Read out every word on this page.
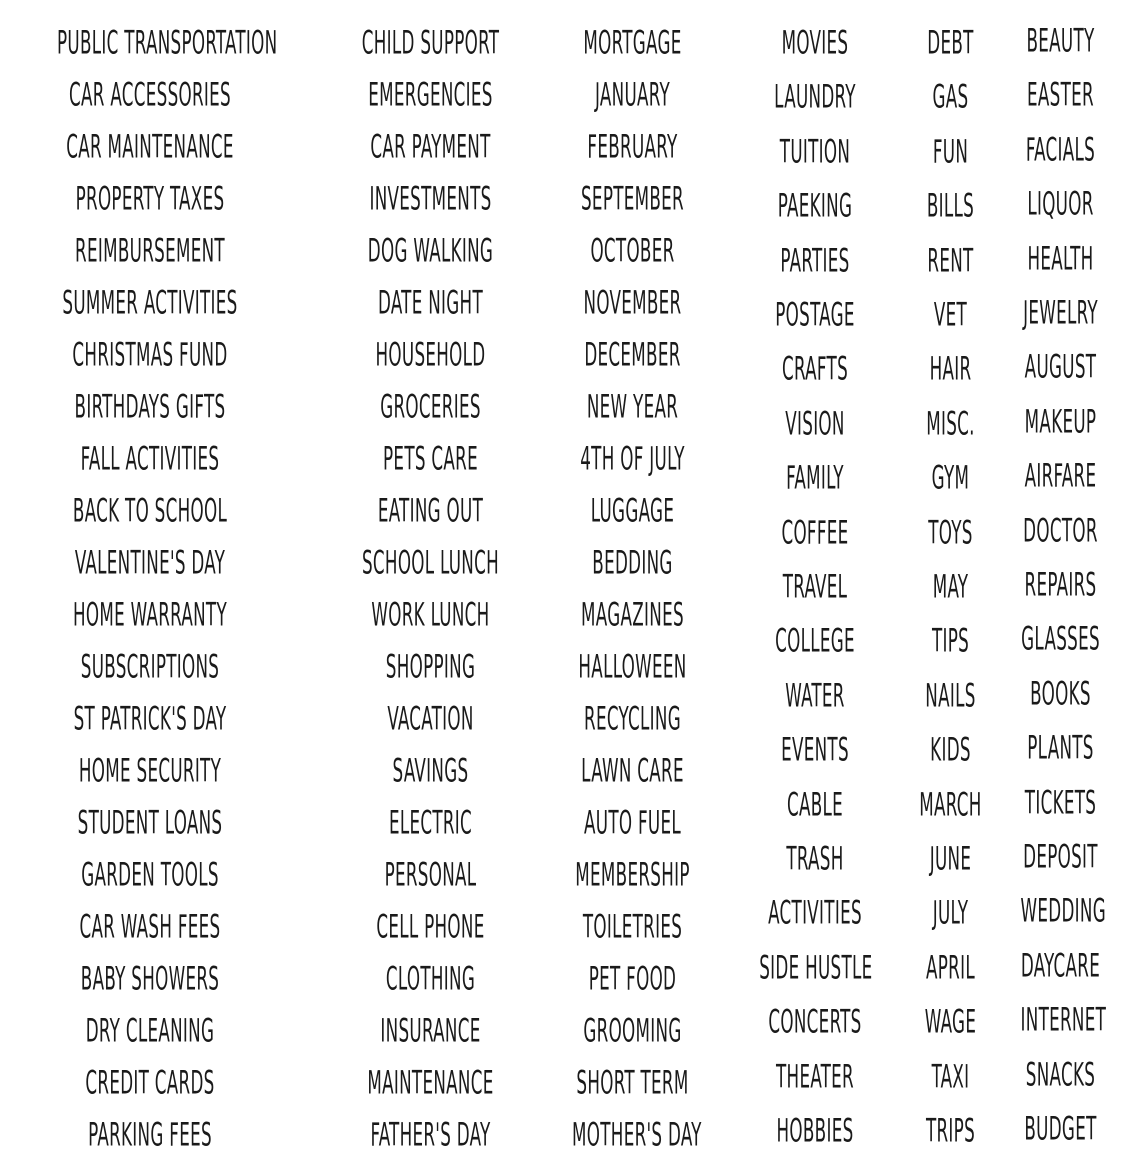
PUBLIC TRANSPORTATION
CAR ACCESSORIES
CAR MAINTENANCE
PROPERTY TAXES
REIMBURSEMENT
SUMMER ACTIVITIES
CHRISTMAS FUND
BIRTHDAYS GIFTS
FALL ACTIVITIES
BACK TO SCHOOL
VALENTINE'S DAY
HOME WARRANTY
SUBSCRIPTIONS
ST PATRICK'S DAY
HOME SECURITY
STUDENT LOANS
GARDEN TOOLS
CAR WASH FEES
BABY SHOWERS
DRY CLEANING
CREDIT CARDS
PARKING FEES
CHILD SUPPORT
EMERGENCIES
CAR PAYMENT
INVESTMENTS
DOG WALKING
DATE NIGHT
HOUSEHOLD
GROCERIES
PETS CARE
EATING OUT
SCHOOL LUNCH
WORK LUNCH
SHOPPING
VACATION
SAVINGS
ELECTRIC
PERSONAL
CELL PHONE
CLOTHING
INSURANCE
MAINTENANCE
FATHER'S DAY
MORTGAGE
JANUARY
FEBRUARY
SEPTEMBER
OCTOBER
NOVEMBER
DECEMBER
NEW YEAR
4TH OF JULY
LUGGAGE
BEDDING
MAGAZINES
HALLOWEEN
RECYCLING
LAWN CARE
AUTO FUEL
MEMBERSHIP
TOILETRIES
PET FOOD
GROOMING
SHORT TERM
MOTHER'S DAY
MOVIES
LAUNDRY
TUITION
PAEKING
PARTIES
POSTAGE
CRAFTS
VISION
FAMILY
COFFEE
TRAVEL
COLLEGE
WATER
EVENTS
CABLE
TRASH
ACTIVITIES
SIDE HUSTLE
CONCERTS
THEATER
HOBBIES
DEBT
GAS
FUN
BILLS
RENT
VET
HAIR
MISC.
GYM
TOYS
MAY
TIPS
NAILS
KIDS
MARCH
JUNE
JULY
APRIL
WAGE
TAXI
TRIPS
BEAUTY
EASTER
FACIALS
LIQUOR
HEALTH
JEWELRY
AUGUST
MAKEUP
AIRFARE
DOCTOR
REPAIRS
GLASSES
BOOKS
PLANTS
TICKETS
DEPOSIT
WEDDING
DAYCARE
INTERNET
SNACKS
BUDGET
